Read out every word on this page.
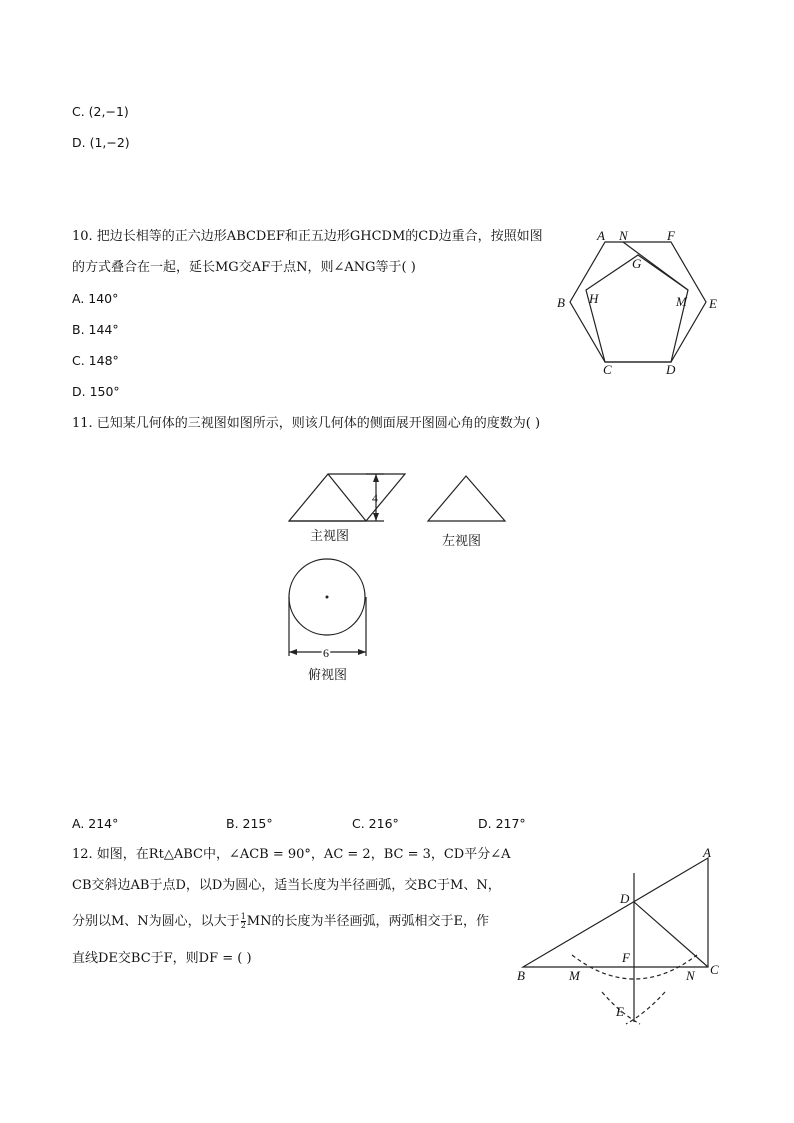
C. (2,−1)
D. (1,−2)
10. 把边长相等的正六边形ABCDEF和正五边形GHCDM的CD边重合，按照如图
的方式叠合在一起，延长MG交AF于点N，则∠ANG等于( )
A. 140°
B. 144°
C. 148°
D. 150°
A N	F
G
B H	M E
C	D
11. 已知某几何体的三视图如图所示，则该几何体的侧面展开图圆心角的度数为( )
4
6
主视图	左视图
俯视图
A. 214°	B. 215°	C. 216°	D. 217°
12. 如图，在Rt△ABC中，∠ACB = 90°，AC = 2，BC = 3，CD平分∠A
CB交斜边AB于点D，以D为圆心，适当长度为半径画弧，交BC于M、N，
分别以M、N为圆心，以大于 $\frac{1}{2}$ MN的长度为半径画弧，两弧相交于E，作
直线DE交BC于F，则DF = ( )
A
D
B	M
F
N C
E
